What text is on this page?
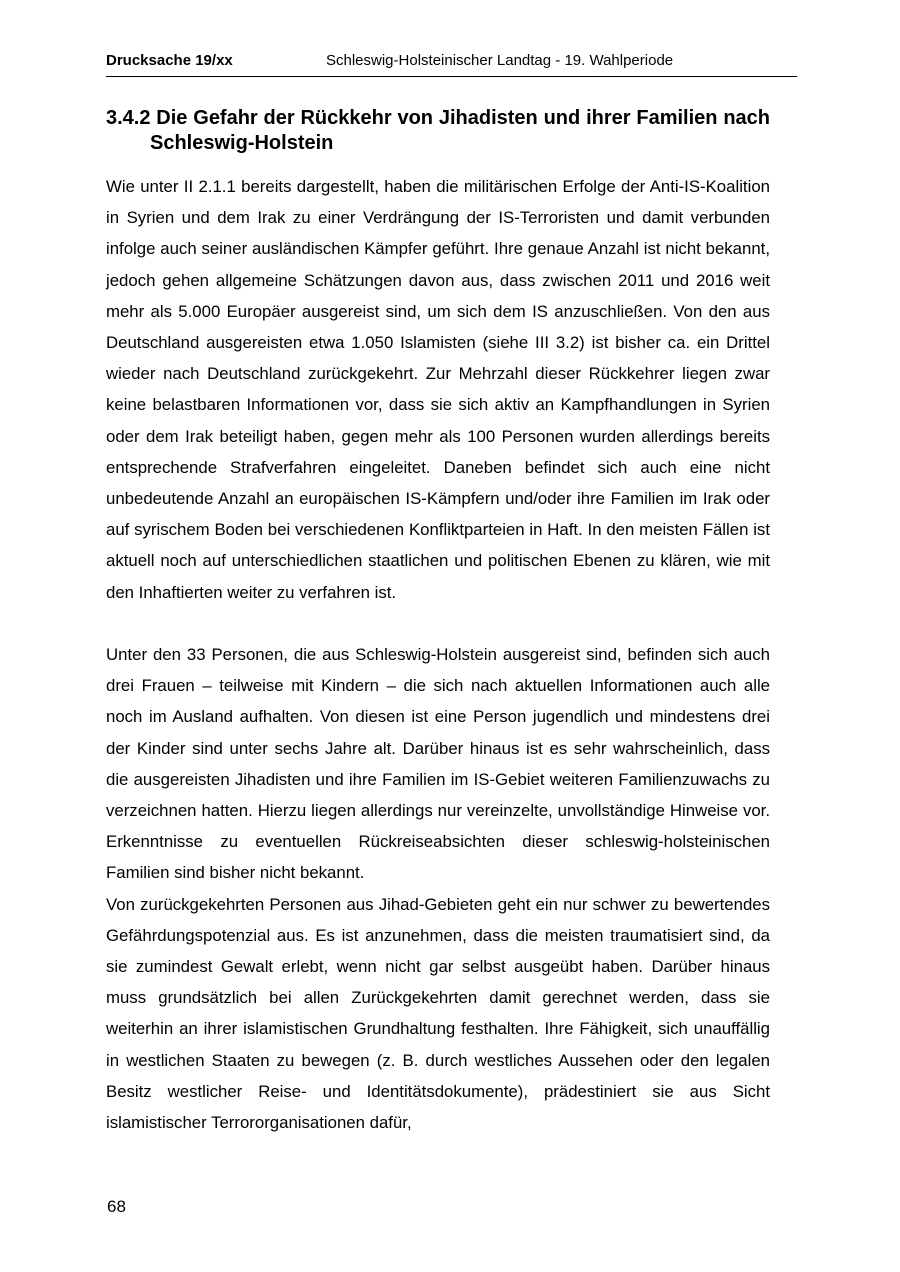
Drucksache 19/xx	Schleswig-Holsteinischer Landtag - 19. Wahlperiode
3.4.2 Die Gefahr der Rückkehr von Jihadisten und ihrer Familien nach Schleswig-Holstein

Wie unter II 2.1.1 bereits dargestellt, haben die militärischen Erfolge der Anti-IS-Koalition in Syrien und dem Irak zu einer Verdrängung der IS-Terroristen und damit verbunden infolge auch seiner ausländischen Kämpfer geführt. Ihre genaue Anzahl ist nicht bekannt, jedoch gehen allgemeine Schätzungen davon aus, dass zwischen 2011 und 2016 weit mehr als 5.000 Europäer ausgereist sind, um sich dem IS anzuschließen. Von den aus Deutschland ausgereisten etwa 1.050 Islamisten (siehe III 3.2) ist bisher ca. ein Drittel wieder nach Deutschland zurückgekehrt. Zur Mehrzahl dieser Rückkehrer liegen zwar keine belastbaren Informationen vor, dass sie sich aktiv an Kampfhandlungen in Syrien oder dem Irak beteiligt haben, gegen mehr als 100 Personen wurden allerdings bereits entsprechende Strafverfahren eingeleitet. Daneben befindet sich auch eine nicht unbedeutende Anzahl an europäischen IS-Kämpfern und/oder ihre Familien im Irak oder auf syrischem Boden bei verschiedenen Konfliktparteien in Haft. In den meisten Fällen ist aktuell noch auf unterschiedlichen staatlichen und politischen Ebenen zu klären, wie mit den Inhaftierten weiter zu verfahren ist.

Unter den 33 Personen, die aus Schleswig-Holstein ausgereist sind, befinden sich auch drei Frauen – teilweise mit Kindern – die sich nach aktuellen Informationen auch alle noch im Ausland aufhalten. Von diesen ist eine Person jugendlich und mindestens drei der Kinder sind unter sechs Jahre alt. Darüber hinaus ist es sehr wahrscheinlich, dass die ausgereisten Jihadisten und ihre Familien im IS-Gebiet weiteren Familienzuwachs zu verzeichnen hatten. Hierzu liegen allerdings nur vereinzelte, unvollständige Hinweise vor. Erkenntnisse zu eventuellen Rückreiseabsichten dieser schleswig-holsteinischen Familien sind bisher nicht bekannt.

Von zurückgekehrten Personen aus Jihad-Gebieten geht ein nur schwer zu bewertendes Gefährdungspotenzial aus. Es ist anzunehmen, dass die meisten traumatisiert sind, da sie zumindest Gewalt erlebt, wenn nicht gar selbst ausgeübt haben. Darüber hinaus muss grundsätzlich bei allen Zurückgekehrten damit gerechnet werden, dass sie weiterhin an ihrer islamistischen Grundhaltung festhalten. Ihre Fähigkeit, sich unauffällig in westlichen Staaten zu bewegen (z. B. durch westliches Aussehen oder den legalen Besitz westlicher Reise- und Identitätsdokumente), prädestiniert sie aus Sicht islamistischer Terrororganisationen dafür,

68
